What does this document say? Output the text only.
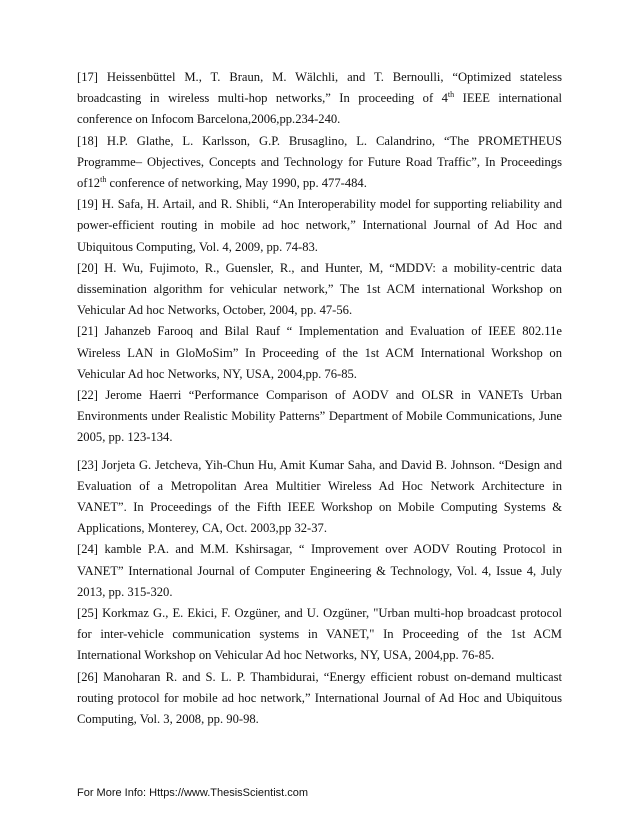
[17] Heissenbüttel M., T. Braun, M. Wälchli, and T. Bernoulli, “Optimized stateless broadcasting in wireless multi-hop networks,” In proceeding of 4th IEEE international conference on Infocom Barcelona,2006,pp.234-240.

[18] H.P. Glathe, L. Karlsson, G.P. Brusaglino, L. Calandrino, “The PROMETHEUS Programme– Objectives, Concepts and Technology for Future Road Traffic”, In Proceedings of12th conference of networking, May 1990, pp. 477-484.

[19] H. Safa, H. Artail, and R. Shibli, “An Interoperability model for supporting reliability and power-efficient routing in mobile ad hoc network,” International Journal of Ad Hoc and Ubiquitous Computing, Vol. 4, 2009, pp. 74-83.

[20] H. Wu, Fujimoto, R., Guensler, R., and Hunter, M, “MDDV: a mobility-centric data dissemination algorithm for vehicular network,” The 1st ACM international Workshop on Vehicular Ad hoc Networks, October, 2004, pp. 47-56.

[21] Jahanzeb Farooq and Bilal Rauf “ Implementation and Evaluation of IEEE 802.11e Wireless LAN in GloMoSim” In Proceeding of the 1st ACM International Workshop on Vehicular Ad hoc Networks, NY, USA, 2004,pp. 76-85.

[22] Jerome Haerri “Performance Comparison of AODV and OLSR in VANETs Urban Environments under Realistic Mobility Patterns” Department of Mobile Communications, June 2005, pp. 123-134.

[23] Jorjeta G. Jetcheva, Yih-Chun Hu, Amit Kumar Saha, and David B. Johnson. “Design and Evaluation of a Metropolitan Area Multitier Wireless Ad Hoc Network Architecture in VANET”. In Proceedings of the Fifth IEEE Workshop on Mobile Computing Systems & Applications, Monterey, CA, Oct. 2003,pp 32-37.

[24] kamble P.A. and M.M. Kshirsagar, “ Improvement over AODV Routing Protocol in VANET” International Journal of Computer Engineering & Technology, Vol. 4, Issue 4, July 2013, pp. 315-320.

[25] Korkmaz G., E. Ekici, F. Ozgüner, and U. Ozgüner, "Urban multi-hop broadcast protocol for inter-vehicle communication systems in VANET," In Proceeding of the 1st ACM International Workshop on Vehicular Ad hoc Networks, NY, USA, 2004,pp. 76-85.

[26] Manoharan R. and S. L. P. Thambidurai, “Energy efficient robust on-demand multicast routing protocol for mobile ad hoc network,” International Journal of Ad Hoc and Ubiquitous Computing, Vol. 3, 2008, pp. 90-98.

For More Info: Https://www.ThesisScientist.com
